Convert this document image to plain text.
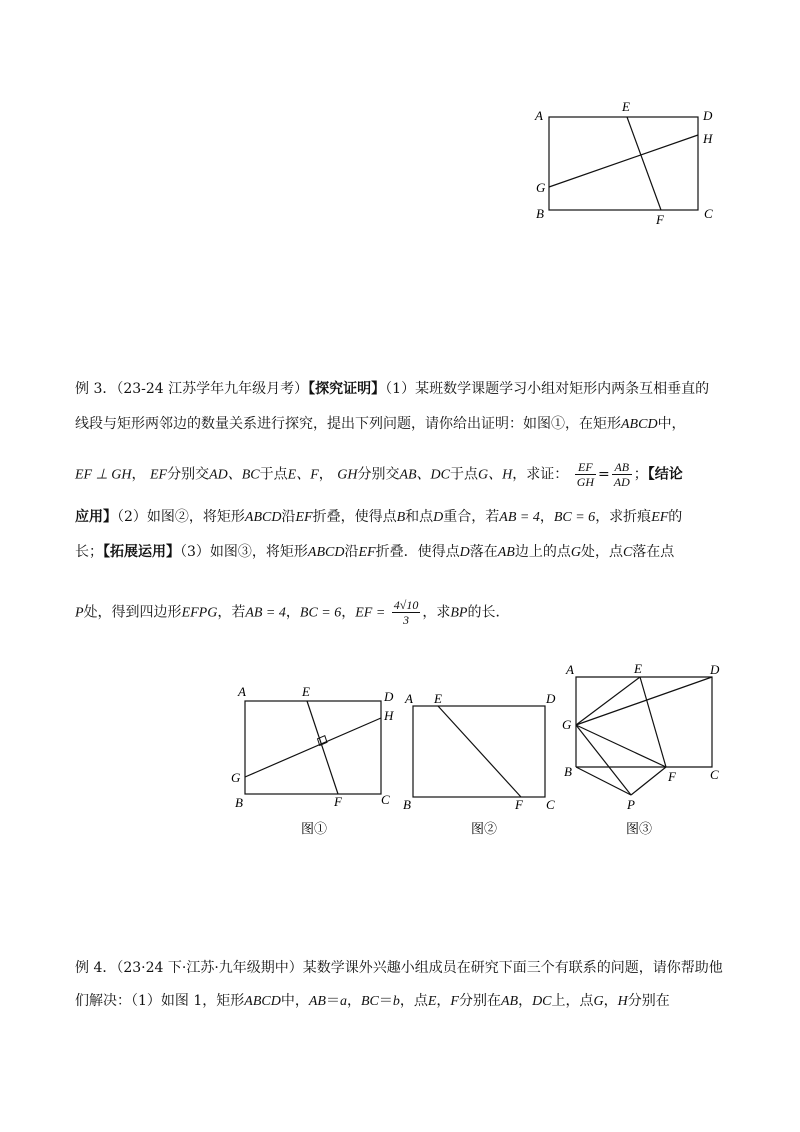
A
E
D
H
G
B	F	C
例 3．（23-24 江苏学年九年级月考）【探究证明】（1）某班数学课题学习小组对矩形内两条互相垂直的
线段与矩形两邻边的数量关系进行探究，提出下列问题，请你给出证明：如图①，在矩形ABCD中，
EF ⊥ GH， EF分别交AD、BC于点E、F， GH分别交AB、DC于点G、H，求证： $\frac{EF}{GH} = \frac{AB}{AD}$ ；【结论
应用】（2）如图②，将矩形ABCD沿EF折叠，使得点B和点D重合，若AB = 4，BC = 6，求折痕EF的
长；【拓展运用】（3）如图③，将矩形ABCD沿EF折叠．使得点D落在AB边上的点G处，点C落在点
P处，得到四边形EFPG，若AB = 4，BC = 6，EF = $\frac{4√10}{3}$ ，求BP的长．
A	E	D
H
G
B	F	C
图①
A E	D
B	F C
图②
A	E	D
G
B	F	C
P
图③
例 4．（23·24 下·江苏·九年级期中）某数学课外兴趣小组成员在研究下面三个有联系的问题，请你帮助他
们解决：（1）如图 1，矩形ABCD中，AB＝a，BC＝b，点E，F分别在AB，DC上，点G，H分别在
